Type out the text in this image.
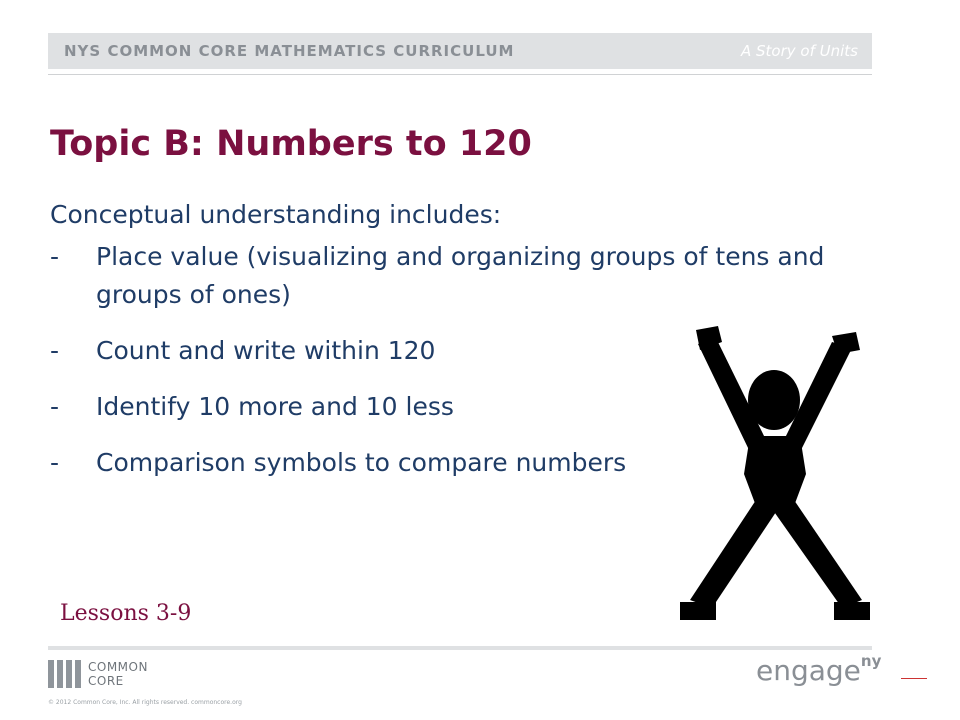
NYS COMMON CORE MATHEMATICS CURRICULUM	A Story of Units
Topic B: Numbers to 120

Conceptual understanding includes:

-	Place value (visualizing and organizing groups of tens and groups of ones)
-	Count and write within 120
-	Identify 10 more and 10 less
-	Comparison symbols to compare numbers
Lessons 3-9
COMMON
CORE
© 2012 Common Core, Inc. All rights reserved. commoncore.org
engageny
